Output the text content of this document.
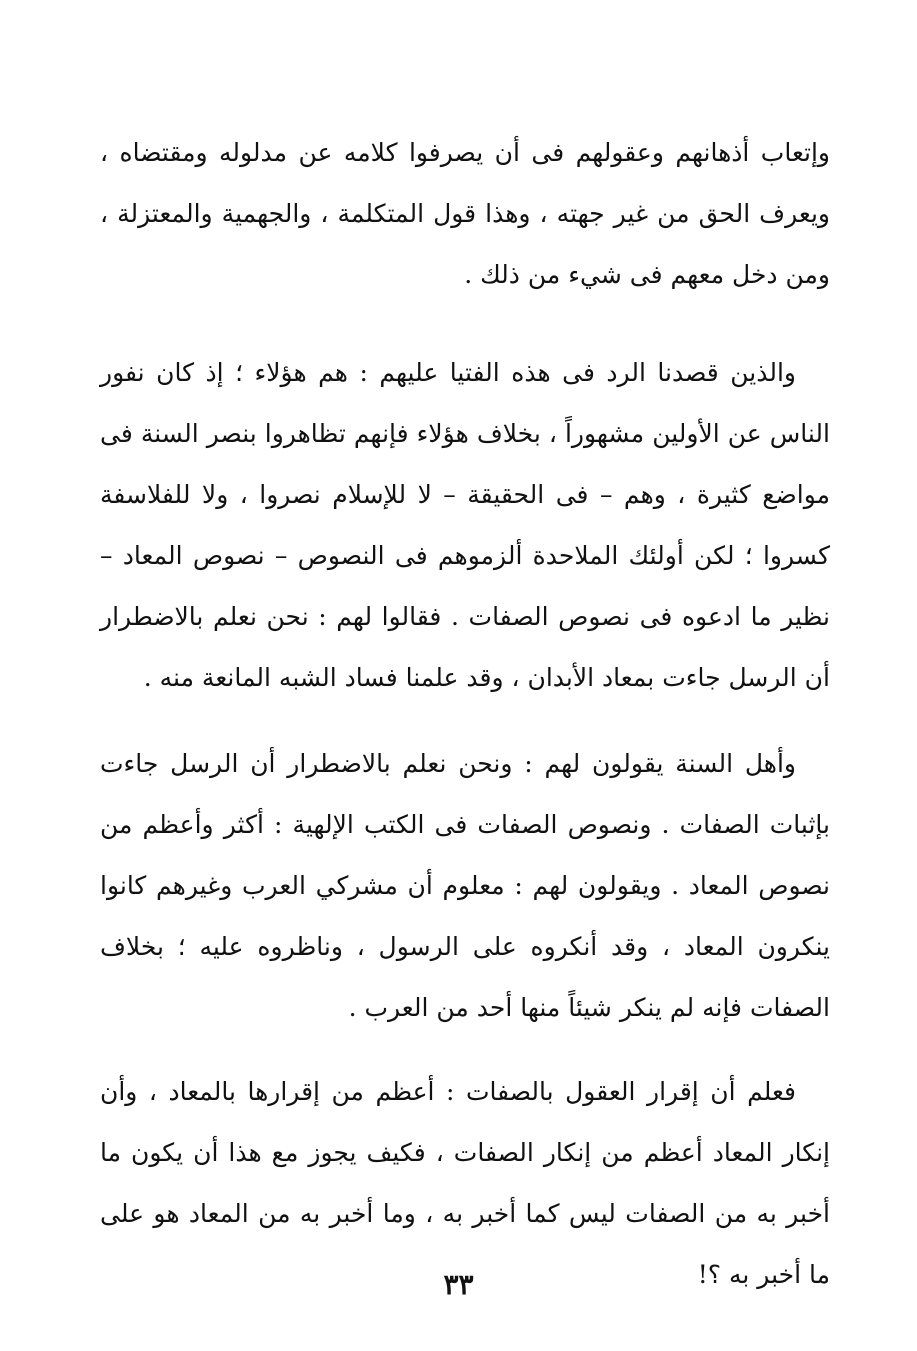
وإتعاب أذهانهم وعقولهم فى أن يصرفوا كلامه عن مدلوله ومقتضاه ، ويعرف الحق من غير جهته ، وهذا قول المتكلمة ، والجهمية والمعتزلة ، ومن دخل معهم فى شيء من ذلك .

والذين قصدنا الرد فى هذه الفتيا عليهم : هم هؤلاء ؛ إذ كان نفور الناس عن الأولين مشهوراً ، بخلاف هؤلاء فإنهم تظاهروا بنصر السنة فى مواضع كثيرة ، وهم – فى الحقيقة – لا للإسلام نصروا ، ولا للفلاسفة كسروا ؛ لكن أولئك الملاحدة ألزموهم فى النصوص – نصوص المعاد – نظير ما ادعوه فى نصوص الصفات . فقالوا لهم : نحن نعلم بالاضطرار أن الرسل جاءت بمعاد الأبدان ، وقد علمنا فساد الشبه المانعة منه .

وأهل السنة يقولون لهم : ونحن نعلم بالاضطرار أن الرسل جاءت بإثبات الصفات . ونصوص الصفات فى الكتب الإلهية : أكثر وأعظم من نصوص المعاد . ويقولون لهم : معلوم أن مشركي العرب وغيرهم كانوا ينكرون المعاد ، وقد أنكروه على الرسول ، وناظروه عليه ؛ بخلاف الصفات فإنه لم ينكر شيئاً منها أحد من العرب .

فعلم أن إقرار العقول بالصفات : أعظم من إقرارها بالمعاد ، وأن إنكار المعاد أعظم من إنكار الصفات ، فكيف يجوز مع هذا أن يكون ما أخبر به من الصفات ليس كما أخبر به ، وما أخبر به من المعاد هو على ما أخبر به ؟!

٣٣
